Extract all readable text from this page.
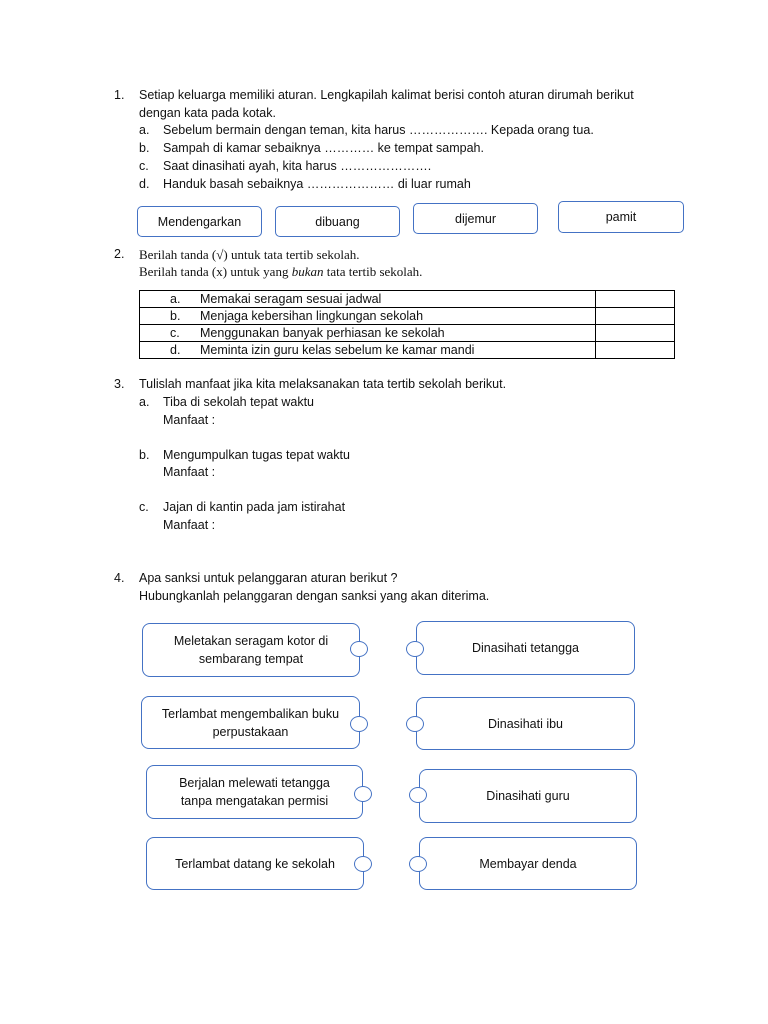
1. Setiap keluarga memiliki aturan. Lengkapilah kalimat berisi contoh aturan dirumah berikut
dengan kata pada kotak.
a. Sebelum bermain dengan teman, kita harus ………………. Kepada orang tua.
b. Sampah di kamar sebaiknya ………… ke tempat sampah.
c. Saat dinasihati ayah, kita harus ………………….
d. Handuk basah sebaiknya ………………… di luar rumah
Mendengarkan	dibuang	dijemur	pamit
2. Berilah tanda (√) untuk tata tertib sekolah.
Berilah tanda (x) untuk yang bukan tata tertib sekolah.
a. Memakai seragam sesuai jadwal	
b. Menjaga kebersihan lingkungan sekolah	
c. Menggunakan banyak perhiasan ke sekolah	
d. Meminta izin guru kelas sebelum ke kamar mandi	
3. Tulislah manfaat jika kita melaksanakan tata tertib sekolah berikut.
a. Tiba di sekolah tepat waktu
Manfaat :
b. Mengumpulkan tugas tepat waktu
Manfaat :
c. Jajan di kantin pada jam istirahat
Manfaat :
4. Apa sanksi untuk pelanggaran aturan berikut ?
Hubungkanlah pelanggaran dengan sanksi yang akan diterima.
Meletakan seragam kotor di
sembarang tempat
Terlambat mengembalikan buku
perpustakaan
Berjalan melewati tetangga
tanpa mengatakan permisi
Terlambat datang ke sekolah
Dinasihati tetangga
Dinasihati ibu
Dinasihati guru
Membayar denda
